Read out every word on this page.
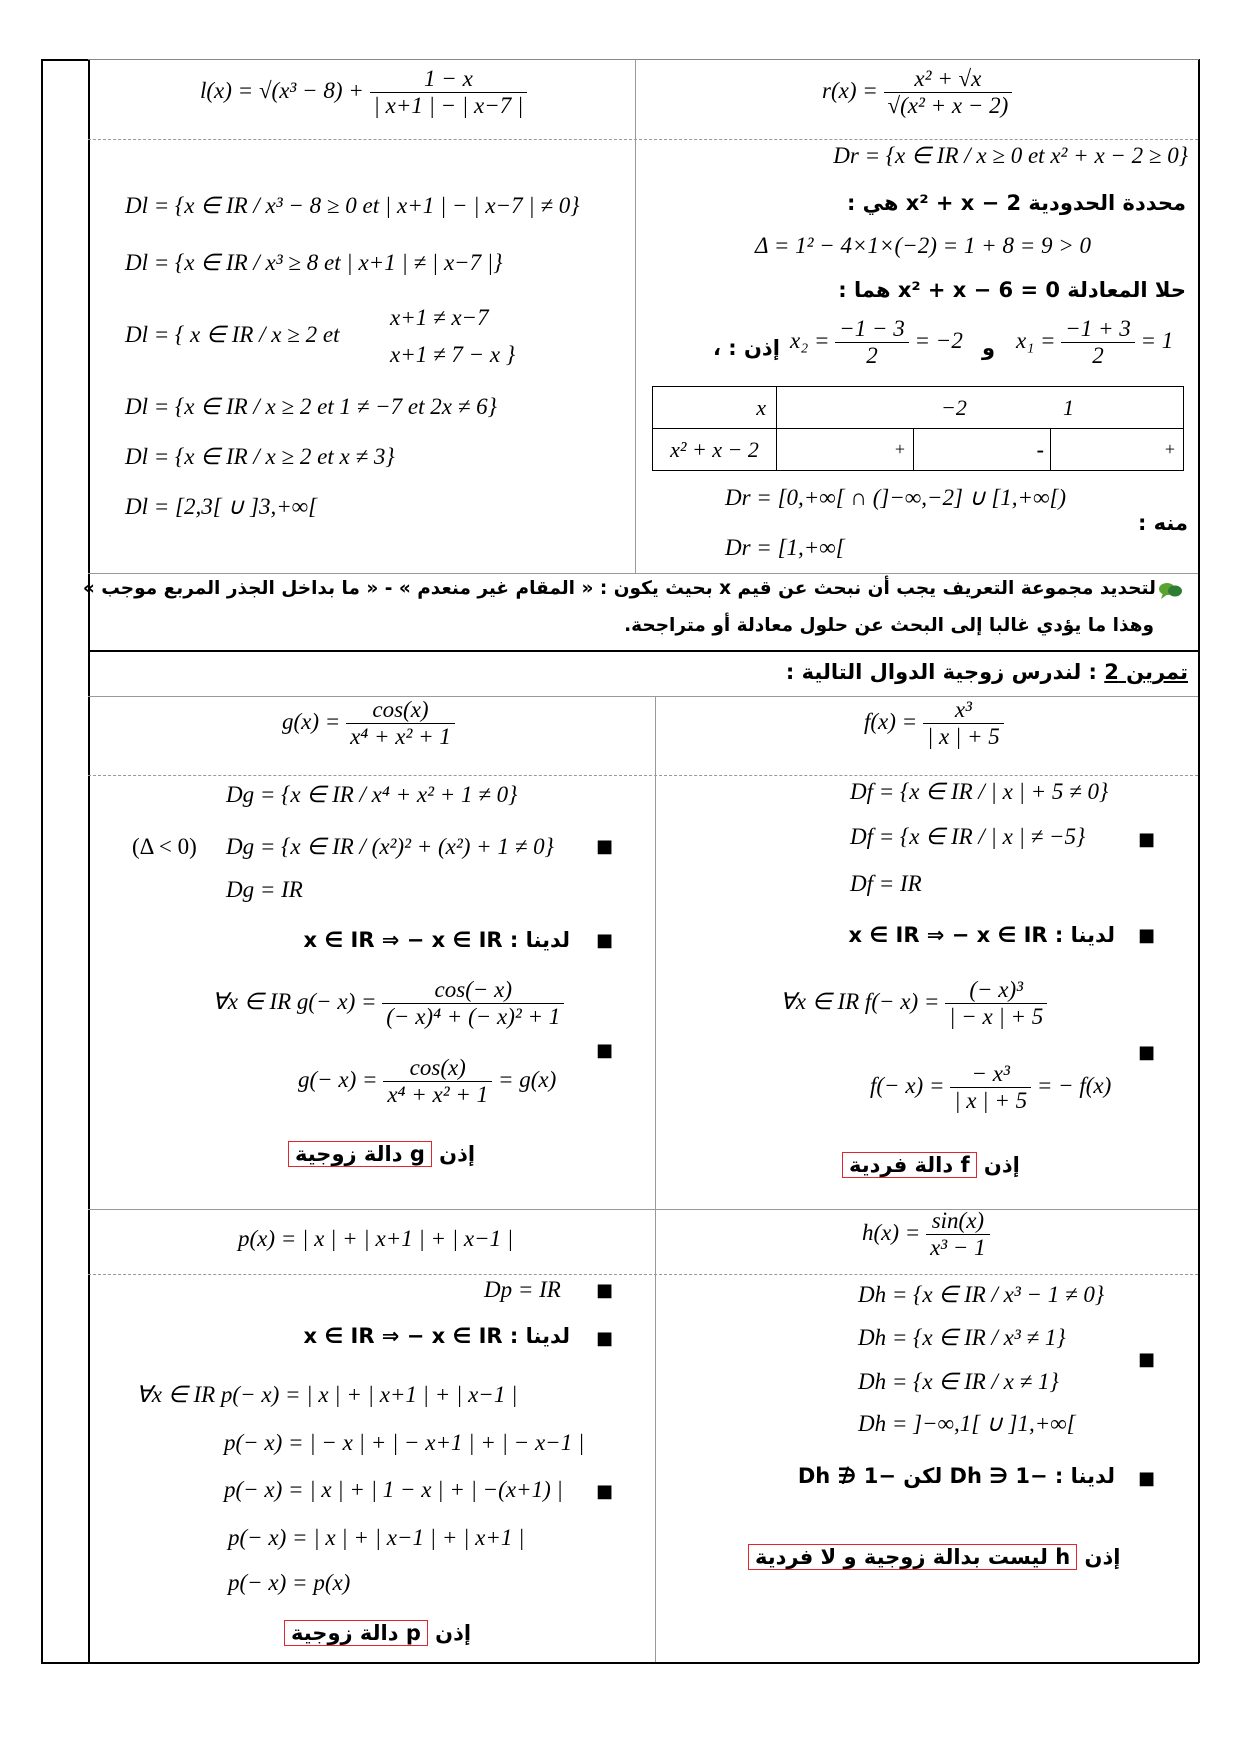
$l(x) = √(x^3 - 8) + \frac{1 - x}{| x+1 | - | x-7 |}$	$r(x) = \frac{\text{x² + √x}}{\text{√(x² + x − 2)}}$
Dl = {x ∈ IR / x³ − 8 ≥ 0 et | x+1 | − | x−7 | ≠ 0}
Dl = {x ∈ IR / x³ ≥ 8 et | x+1 | ≠ | x−7 |}
Dl = { x ∈ IR / x ≥ 2 et
x+1 ≠ x−7
x+1 ≠ 7 − x }
Dl = {x ∈ IR / x ≥ 2 et 1 ≠ −7 et 2x ≠ 6}
Dl = {x ∈ IR / x ≥ 2 et x ≠ 3}
Dl = [2,3[ ∪ ]3,+∞[
Dr = {x ∈ IR / x ≥ 0 et x² + x − 2 ≥ 0}
محددة الحدودية x² + x − 2 هي :
Δ = 1² − 4×1×(−2) = 1 + 8 = 9 > 0
حلا المعادلة x² + x − 6 = 0 هما :
إذن : ، $x_2 = \frac{-1 - 3}{2} = -2$ و $x_1 = \frac{-1 + 3}{2} = 1$
x	−2 1		

x² + x − 2	+	-	+
Dr = [0,+∞[ ∩ (]−∞,−2] ∪ [1,+∞[)
منه :
Dr = [1,+∞[
لتحديد مجموعة التعريف يجب أن نبحث عن قيم x بحيث يكون : « المقام غير منعدم » - « ما بداخل الجذر المربع موجب »
وهذا ما يؤدي غالبا إلى البحث عن حلول معادلة أو متراجحة.
تمرين 2 : لندرس زوجية الدوال التالية :
$g(x) = \frac{\cos(x)}{\text{x⁴ + x² + 1}}$
Dg = {x ∈ IR / x⁴ + x² + 1 ≠ 0}
(Δ < 0) Dg = {x ∈ IR / (x²)² + (x²) + 1 ≠ 0}
Dg = IR
■
لدينا : x ∈ IR ⇒ − x ∈ IR ■
∀x ∈ IR $g(- x) = \frac{\cos(- x)}{\text{(− x)⁴ + (− x)² + 1}}$
■
$g(- x) = \frac{\cos(x)}{\text{x⁴ + x² + 1}} = g(x)$
إذن g دالة زوجية
$f(x) = \frac{\text{x³}}{| x | + 5}$
Df = {x ∈ IR / | x | + 5 ≠ 0}
Df = {x ∈ IR / | x | ≠ −5}
Df = IR
■
لدينا : x ∈ IR ⇒ − x ∈ IR ■
∀x ∈ IR $f(- x) = \frac{\text{(− x)³}}{| - x | + 5}$
■
$f(- x) = \frac{\text{− x³}}{| x | + 5}$ = − f(x)
إذن f دالة فردية
p(x) = | x | + | x+1 | + | x−1 |
Dp = IR ■
لدينا : x ∈ IR ⇒ − x ∈ IR ■
∀x ∈ IR p(− x) = | x | + | x+1 | + | x−1 |
p(− x) = | − x | + | − x+1 | + | − x−1 |
p(− x) = | x | + | 1 − x | + | −(x+1) | ■
p(− x) = | x | + | x−1 | + | x+1 |
p(− x) = p(x)
إذن p دالة زوجية
$h(x) = \frac{\sin(x)}{\text{x³ − 1}}$
Dh = {x ∈ IR / x³ − 1 ≠ 0}
Dh = {x ∈ IR / x³ ≠ 1}
Dh = {x ∈ IR / x ≠ 1}
Dh = ]−∞,1[ ∪ ]1,+∞[
■
لدينا : −1 ∈ Dh لكن −1 ∉ Dh ■
إذن h ليست بدالة زوجية و لا فردية
